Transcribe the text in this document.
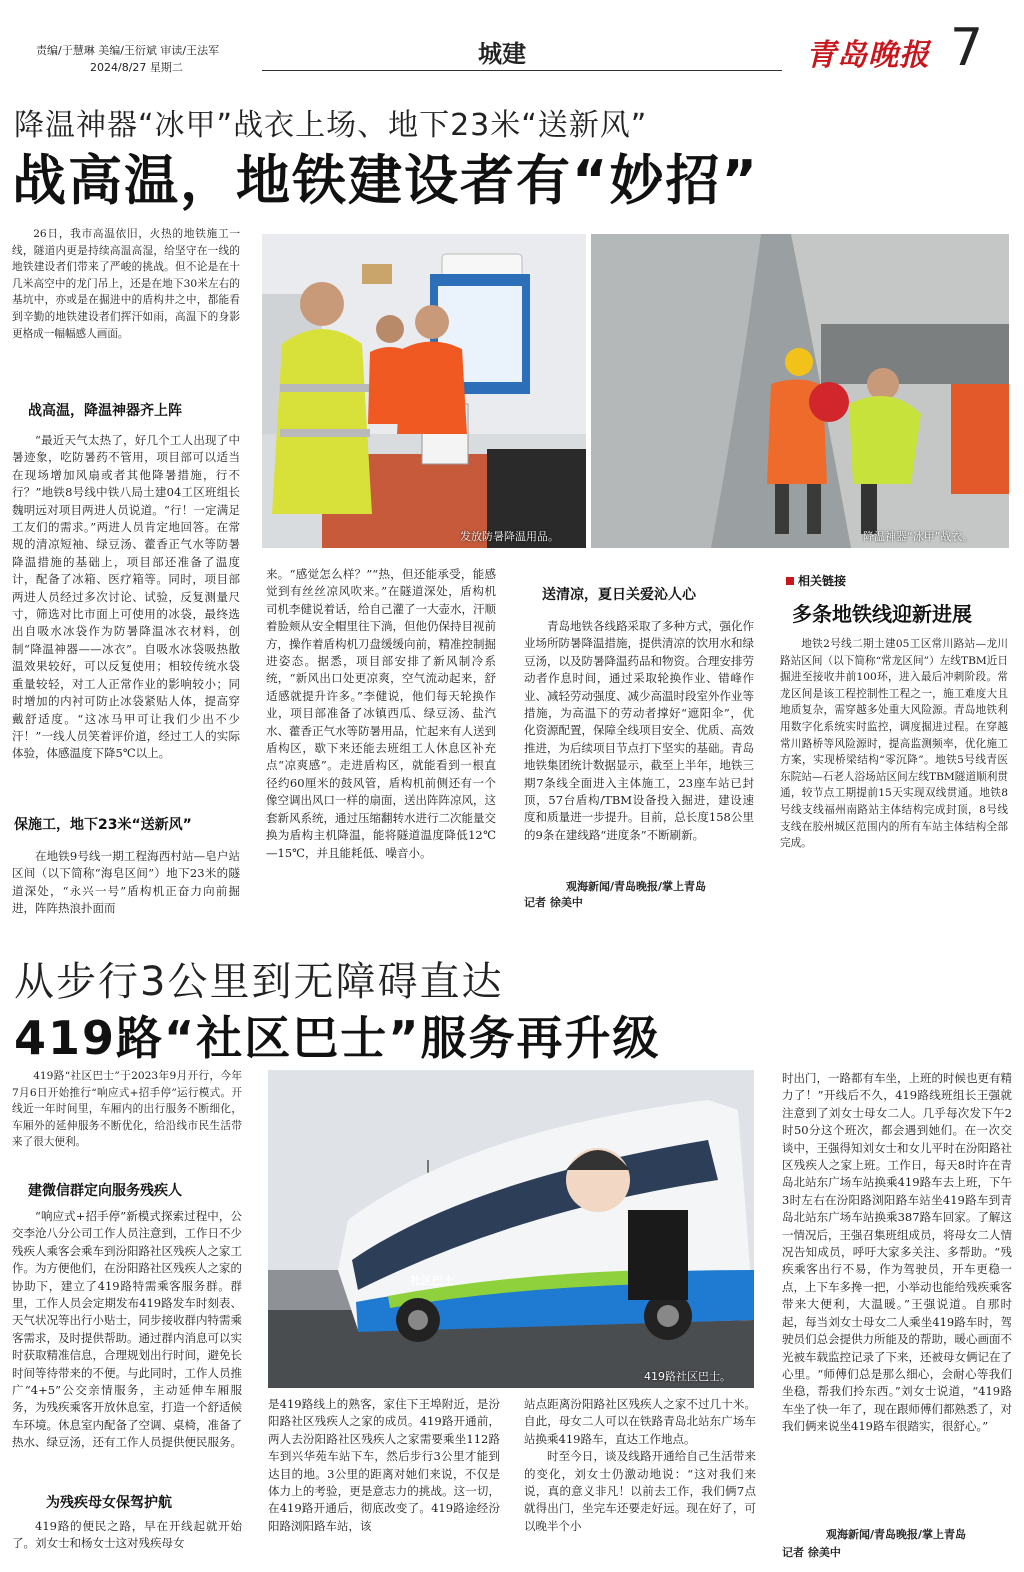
责编/于慧琳 美编/王衍斌 审读/王法军
2024/8/27 星期二	城建	青岛晚报 7
降温神器“冰甲”战衣上场、地下23米“送新风”
战高温，地铁建设者有“妙招”

26日，我市高温依旧，火热的地铁施工一线，隧道内更是持续高温高湿，给坚守在一线的地铁建设者们带来了严峻的挑战。但不论是在十几米高空中的龙门吊上，还是在地下30米左右的基坑中，亦或是在掘进中的盾构井之中，都能看到辛勤的地铁建设者们挥汗如雨，高温下的身影更格成一幅幅感人画面。

战高温，降温神器齐上阵

“最近天气太热了，好几个工人出现了中暑迹象，吃防暑药不管用，项目部可以适当在现场增加风扇或者其他降暑措施，行不行？”地铁8号线中铁八局土建04工区班组长魏明远对项目两进人员说道。“行！一定满足工友们的需求。”两进人员肯定地回答。在常规的清凉短袖、绿豆汤、藿香正气水等防暑降温措施的基础上，项目部还准备了温度计，配备了冰箱、医疗箱等。同时，项目部两进人员经过多次讨论、试验，反复测量尺寸，筛选对比市面上可使用的冰袋，最终选出自吸水冰袋作为防暑降温冰衣材料，创制“降温神器——冰衣”。自吸水冰袋吸热散温效果较好，可以反复使用；相较传统水袋重量较轻，对工人正常作业的影响较小；同时增加的内衬可防止冰袋紧贴人体，提高穿戴舒适度。“这冰马甲可让我们少出不少汗！”一线人员笑着评价道，经过工人的实际体验，体感温度下降5℃以上。

保施工，地下23米“送新风”

在地铁9号线一期工程海西村站—皂户站区间（以下简称“海皂区间”）地下23米的隧道深处，“永兴一号”盾构机正奋力向前掘进，阵阵热浪扑面而

发放防暑降温用品。	降温神器“冰甲”战衣。

来。“感觉怎么样？”“热，但还能承受，能感觉到有丝丝凉风吹来。”在隧道深处，盾构机司机李健说着话，给自己灌了一大壶水，汗顺着脸颊从安全帽里往下淌，但他仍保持目视前方，操作着盾构机刀盘缓缓向前，精准控制掘进姿态。据悉，项目部安排了新风制冷系统，“新风出口处更凉爽，空气流动起来，舒适感就提升许多。”李健说，他们每天轮换作业，项目部准备了冰镇西瓜、绿豆汤、盐汽水、藿香正气水等防暑用品，忙起来有人送到盾构区，歇下来还能去班组工人休息区补充点“凉爽感”。走进盾构区，就能看到一根直径约60厘米的鼓风管，盾构机前侧还有一个像空调出风口一样的扇面，送出阵阵凉风，这套新风系统，通过压缩翻转水进行二次能量交换为盾构主机降温，能将隧道温度降低12℃—15℃，并且能耗低、噪音小。

送清凉，夏日关爱沁人心

青岛地铁各线路采取了多种方式，强化作业场所防暑降温措施，提供清凉的饮用水和绿豆汤，以及防暑降温药品和物资。合理安排劳动者作息时间，通过采取轮换作业、错峰作业、减轻劳动强度、减少高温时段室外作业等措施，为高温下的劳动者撑好“遮阳伞”，优化资源配置，保障全线项目安全、优质、高效推进，为后续项目节点打下坚实的基础。青岛地铁集团统计数据显示，截至上半年，地铁三期7条线全面进入主体施工，23座车站已封顶，57台盾构/TBM设备投入掘进，建设速度和质量进一步提升。目前，总长度158公里的9条在建线路“进度条”不断刷新。

观海新闻/青岛晚报/掌上青岛
记者 徐美中
相关链接
多条地铁线迎新进展

地铁2号线二期土建05工区常川路站—龙川路站区间（以下简称“常龙区间”）左线TBM近日掘进至接收井前100环，进入最后冲刺阶段。常龙区间是该工程控制性工程之一，施工难度大且地质复杂，需穿越多处重大风险源。青岛地铁利用数字化系统实时监控，调度掘进过程。在穿越常川路桥等风险源时，提高监测频率，优化施工方案，实现桥梁结构“零沉降”。地铁5号线青医东院站—石老人浴场站区间左线TBM隧道顺利贯通，较节点工期提前15天实现双线贯通。地铁8号线支线福州南路站主体结构完成封顶，8号线支线在胶州城区范围内的所有车站主体结构全部完成。

从步行3公里到无障碍直达
419路“社区巴士”服务再升级

419路“社区巴士”于2023年9月开行，今年7月6日开始推行“响应式+招手停”运行模式。开线近一年时间里，车厢内的出行服务不断细化，车厢外的延伸服务不断优化，给沿线市民生活带来了很大便利。

建微信群定向服务残疾人

“响应式+招手停”新模式探索过程中，公交李沧八分公司工作人员注意到，工作日不少残疾人乘客会乘车到汾阳路社区残疾人之家工作。为方便他们，在汾阳路社区残疾人之家的协助下，建立了419路特需乘客服务群。群里，工作人员会定期发布419路发车时刻表、天气状况等出行小贴士，同步接收群内特需乘客需求，及时提供帮助。通过群内消息可以实时获取精准信息，合理规划出行时间，避免长时间等待带来的不便。与此同时，工作人员推广“4+5”公交亲情服务，主动延伸车厢服务，为残疾乘客开放休息室，打造一个舒适候车环境。休息室内配备了空调、桌椅，准备了热水、绿豆汤，还有工作人员提供便民服务。

为残疾母女保驾护航

419路的便民之路，早在开线起就开始了。刘女士和杨女士这对残疾母女

社区巴士
419路社区巴士。

是419路线上的熟客，家住下王埠附近，是汾阳路社区残疾人之家的成员。419路开通前，两人去汾阳路社区残疾人之家需要乘坐112路车到兴华苑车站下车，然后步行3公里才能到达目的地。3公里的距离对她们来说，不仅是体力上的考验，更是意志力的挑战。这一切，在419路开通后，彻底改变了。419路途经汾阳路浏阳路车站，该

站点距离汾阳路社区残疾人之家不过几十米。自此，母女二人可以在铁路青岛北站东广场车站换乘419路车，直达工作地点。

时至今日，谈及线路开通给自己生活带来的变化，刘女士仍激动地说：“这对我们来说，真的意义非凡！以前去工作，我们俩7点就得出门，坐完车还要走好远。现在好了，可以晚半个小

时出门，一路都有车坐，上班的时候也更有精力了！”开线后不久，419路线班组长王强就注意到了刘女士母女二人。几乎每次发下午2时50分这个班次，都会遇到她们。在一次交谈中，王强得知刘女士和女儿平时在汾阳路社区残疾人之家上班。工作日，每天8时许在青岛北站东广场车站换乘419路车去上班，下午3时左右在汾阳路浏阳路车站坐419路车到青岛北站东广场车站换乘387路车回家。了解这一情况后，王强召集班组成员，将母女二人情况告知成员，呼吁大家多关注、多帮助。“残疾乘客出行不易，作为驾驶员，开车更稳一点，上下车多搀一把，小举动也能给残疾乘客带来大便利，大温暖。”王强说道。自那时起，每当刘女士母女二人乘坐419路车时，驾驶员们总会提供力所能及的帮助，暖心画面不光被车载监控记录了下来，还被母女俩记在了心里。“师傅们总是那么细心，会耐心等我们坐稳，帮我们拎东西。”刘女士说道，“419路车坐了快一年了，现在跟师傅们都熟悉了，对我们俩来说坐419路车很踏实，很舒心。”

观海新闻/青岛晚报/掌上青岛
记者 徐美中
